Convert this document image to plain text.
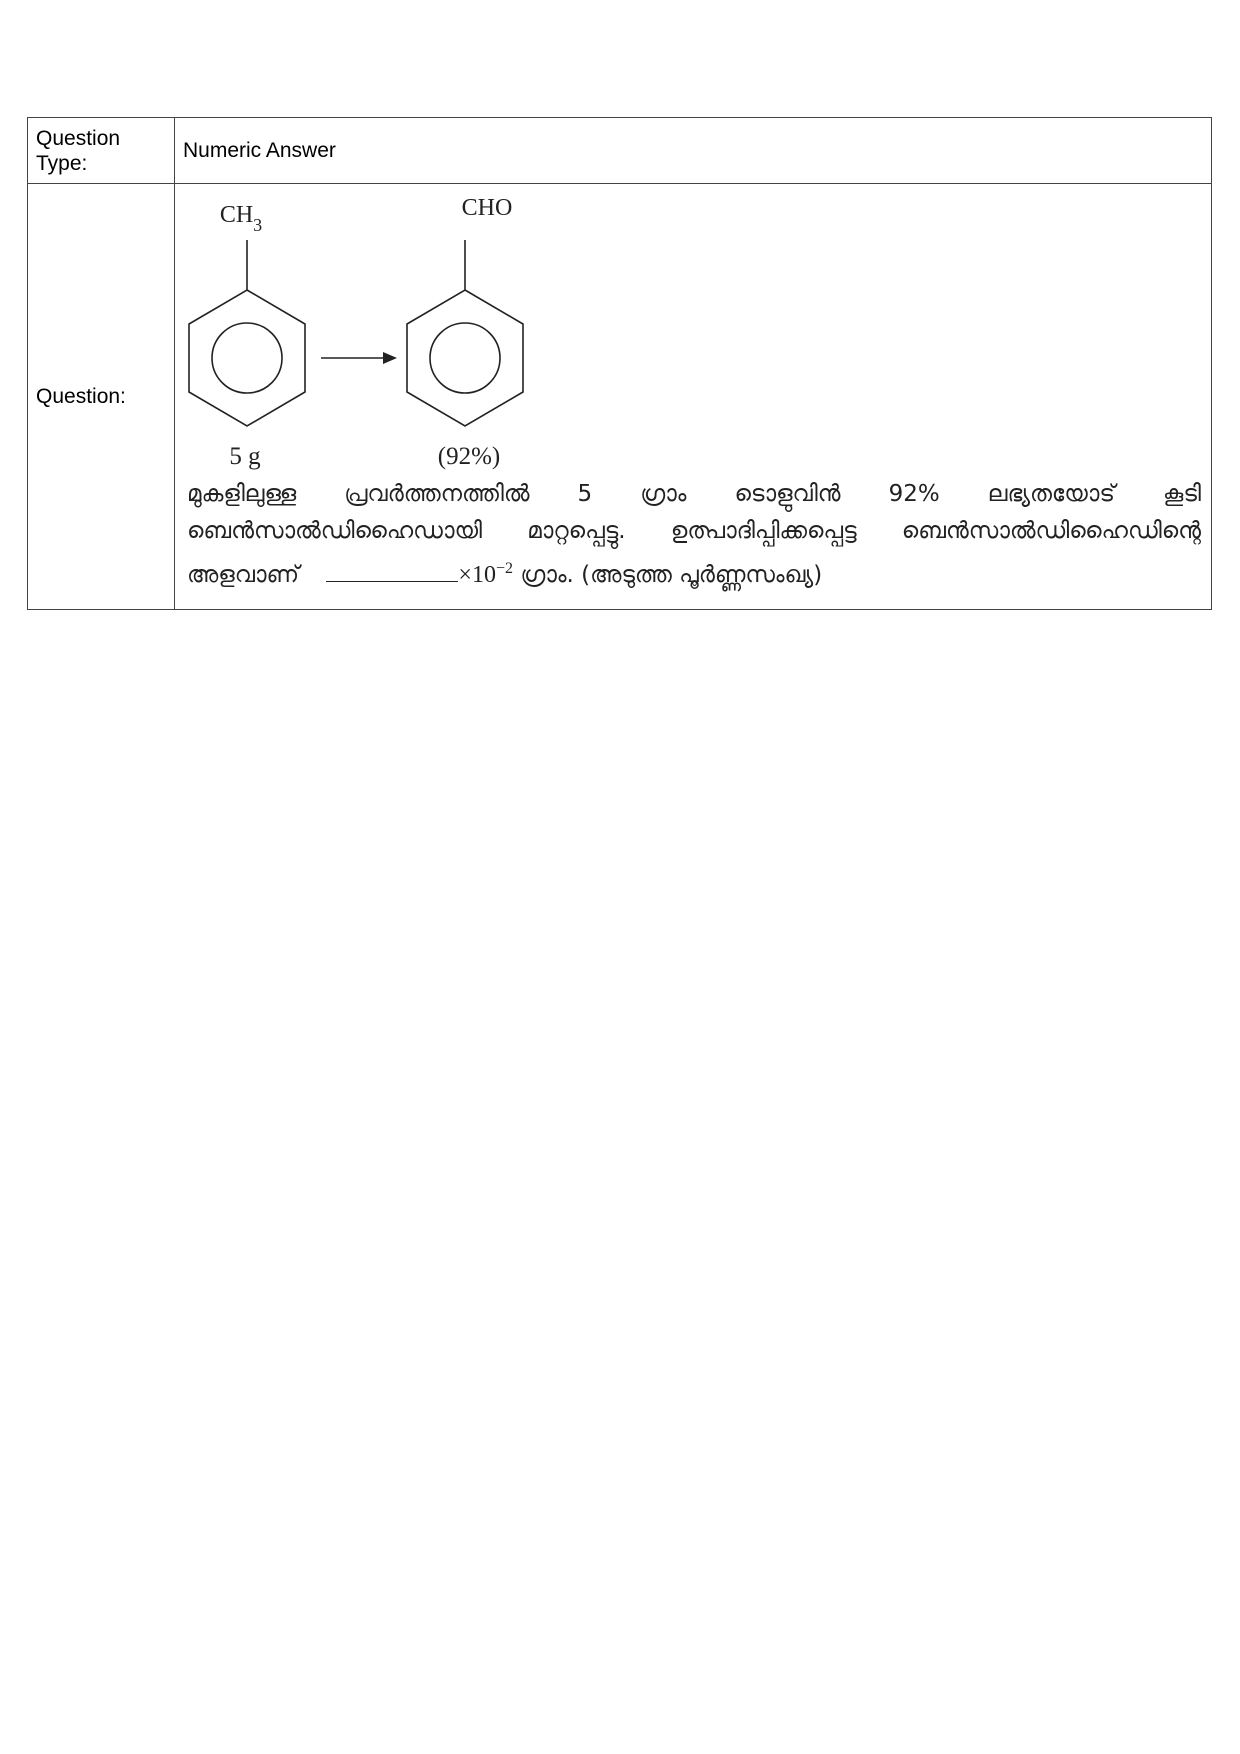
Question Type:	Numeric Answer
Question:	$CH_3$
CHO
5 g (92%)
മുകളിലുള്ള പ്രവർത്തനത്തിൽ 5 ഗ്രാം ടൊളുവിൻ 92% ലഭ്യതയോട് കൂടി ബെൻസാൽഡിഹൈഡായി മാറ്റപ്പെട്ടു. ഉത്പാദിപ്പിക്കപ്പെട്ട ബെൻസാൽഡിഹൈഡിന്റെ അളവാണ് $\times 10^{-2}$ ഗ്രാം. (അടുത്ത പൂർണ്ണസംഖ്യ)
